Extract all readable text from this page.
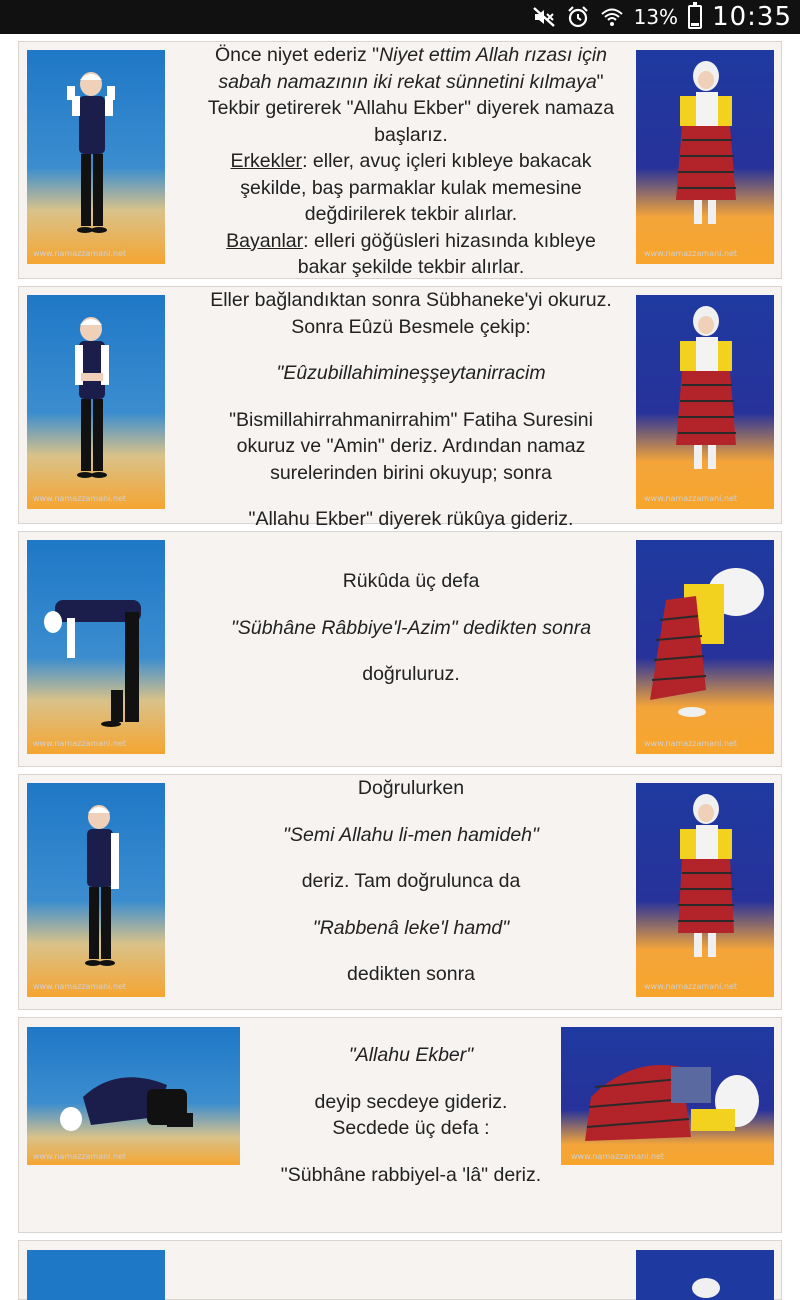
13% 10:35
www.namazzamani.net

Önce niyet ederiz "Niyet ettim Allah rızası için

sabah namazının iki rekat sünnetini kılmaya"

Tekbir getirerek "Allahu Ekber" diyerek namaza

başlarız.

Erkekler: eller, avuç içleri kıbleye bakacak

şekilde, baş parmaklar kulak memesine

değdirilerek tekbir alırlar.

Bayanlar: elleri göğüsleri hizasında kıbleye

bakar şekilde tekbir alırlar.

www.namazzamani.net
www.namazzamani.net

Eller bağlandıktan sonra Sübhaneke'yi okuruz.

Sonra Eûzü Besmele çekip:

"Eûzubillahimineşşeytanirracim

"Bismillahirrahmanirrahim" Fatiha Suresini

okuruz ve "Amin" deriz. Ardından namaz

surelerinden birini okuyup; sonra

"Allahu Ekber" diyerek rükûya gideriz.

www.namazzamani.net
www.namazzamani.net

Rükûda üç defa

"Sübhâne Râbbiye'l-Azim" dedikten sonra

doğruluruz.

www.namazzamani.net
www.namazzamani.net

Doğrulurken

"Semi Allahu li-men hamideh"

deriz. Tam doğrulunca da

"Rabbenâ leke'l hamd"

dedikten sonra

www.namazzamani.net
www.namazzamani.net

"Allahu Ekber"

deyip secdeye gideriz.

Secdede üç defa :

"Sübhâne rabbiyel-a 'lâ" deriz.

www.namazzamani.net
